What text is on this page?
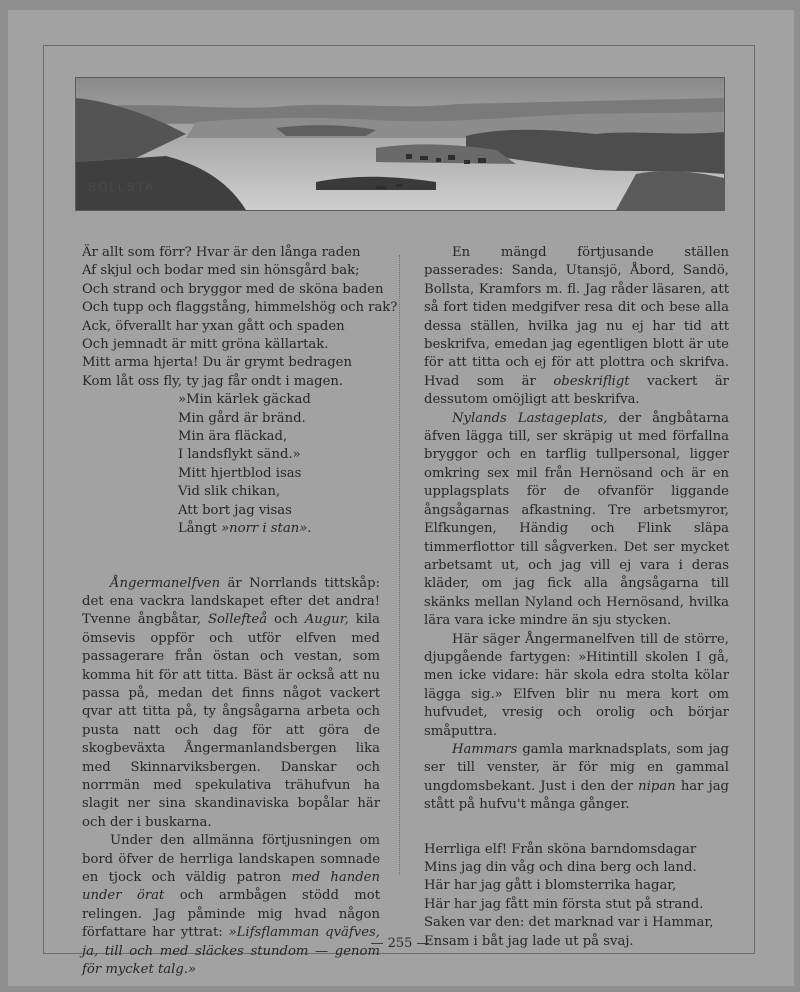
BOLLSTA

Är allt som förr? Hvar är den långa raden

Af skjul och bodar med sin hönsgård bak;

Och strand och bryggor med de sköna baden

Och tupp och flaggstång, himmelshög och rak?

Ack, öfverallt har yxan gått och spaden

Och jemnadt är mitt gröna källartak.

Mitt arma hjerta! Du är grymt bedragen

Kom låt oss fly, ty jag får ondt i magen.

»Min kärlek gäckad

Min gård är bränd.

Min ära fläckad,

I landsflykt sänd.»

Mitt hjertblod isas

Vid slik chikan,

Att bort jag visas

Långt »norr i stan».

Ångermanelfven är Norrlands tittskåp: det ena vackra landskapet efter det andra! Tvenne ångbåtar, Sollefteå och Augur, kila ömsevis oppför och utför elfven med passagerare från östan och vestan, som komma hit för att titta. Bäst är också att nu passa på, medan det finns något vackert qvar att titta på, ty ångsågarna arbeta och pusta natt och dag för att göra de skogbeväxta Ångermanlandsbergen lika med Skinnarviksbergen. Danskar och norrmän med spekulativa trähufvun ha slagit ner sina skandinaviska bopålar här och der i buskarna.

Under den allmänna förtjusningen om bord öfver de herrliga landskapen somnade en tjock och väldig patron med handen under örat och armbågen stödd mot relingen. Jag påminde mig hvad någon författare har yttrat: »Lifsflamman qväfves, ja, till och med släckes stundom — genom för mycket talg.»

En mängd förtjusande ställen passerades: Sanda, Utansjö, Åbord, Sandö, Bollsta, Kramfors m. fl. Jag råder läsaren, att så fort tiden medgifver resa dit och bese alla dessa ställen, hvilka jag nu ej har tid att beskrifva, emedan jag egentligen blott är ute för att titta och ej för att plottra och skrifva. Hvad som är obeskrifligt vackert är dessutom omöjligt att beskrifva.

Nylands Lastageplats, der ångbåtarna äfven lägga till, ser skräpig ut med förfallna bryggor och en tarflig tullpersonal, ligger omkring sex mil från Hernösand och är en upplagsplats för de ofvanför liggande ångsågarnas afkastning. Tre arbetsmyror, Elfkungen, Händig och Flink släpa timmerflottor till sågverken. Det ser mycket arbetsamt ut, och jag vill ej vara i deras kläder, om jag fick alla ångsågarna till skänks mellan Nyland och Hernösand, hvilka lära vara icke mindre än sju stycken.

Här säger Ångermanelfven till de större, djupgående fartygen: »Hitintill skolen I gå, men icke vidare: här skola edra stolta kölar lägga sig.» Elfven blir nu mera kort om hufvudet, vresig och orolig och börjar småputtra.

Hammars gamla marknadsplats, som jag ser till venster, är för mig en gammal ungdomsbekant. Just i den der nipan har jag stått på hufvu't många gånger.

Herrliga elf! Från sköna barndomsdagar

Mins jag din våg och dina berg och land.

Här har jag gått i blomsterrika hagar,

Här har jag fått min första stut på strand.

Saken var den: det marknad var i Hammar,

Ensam i båt jag lade ut på svaj.

— 255 —
